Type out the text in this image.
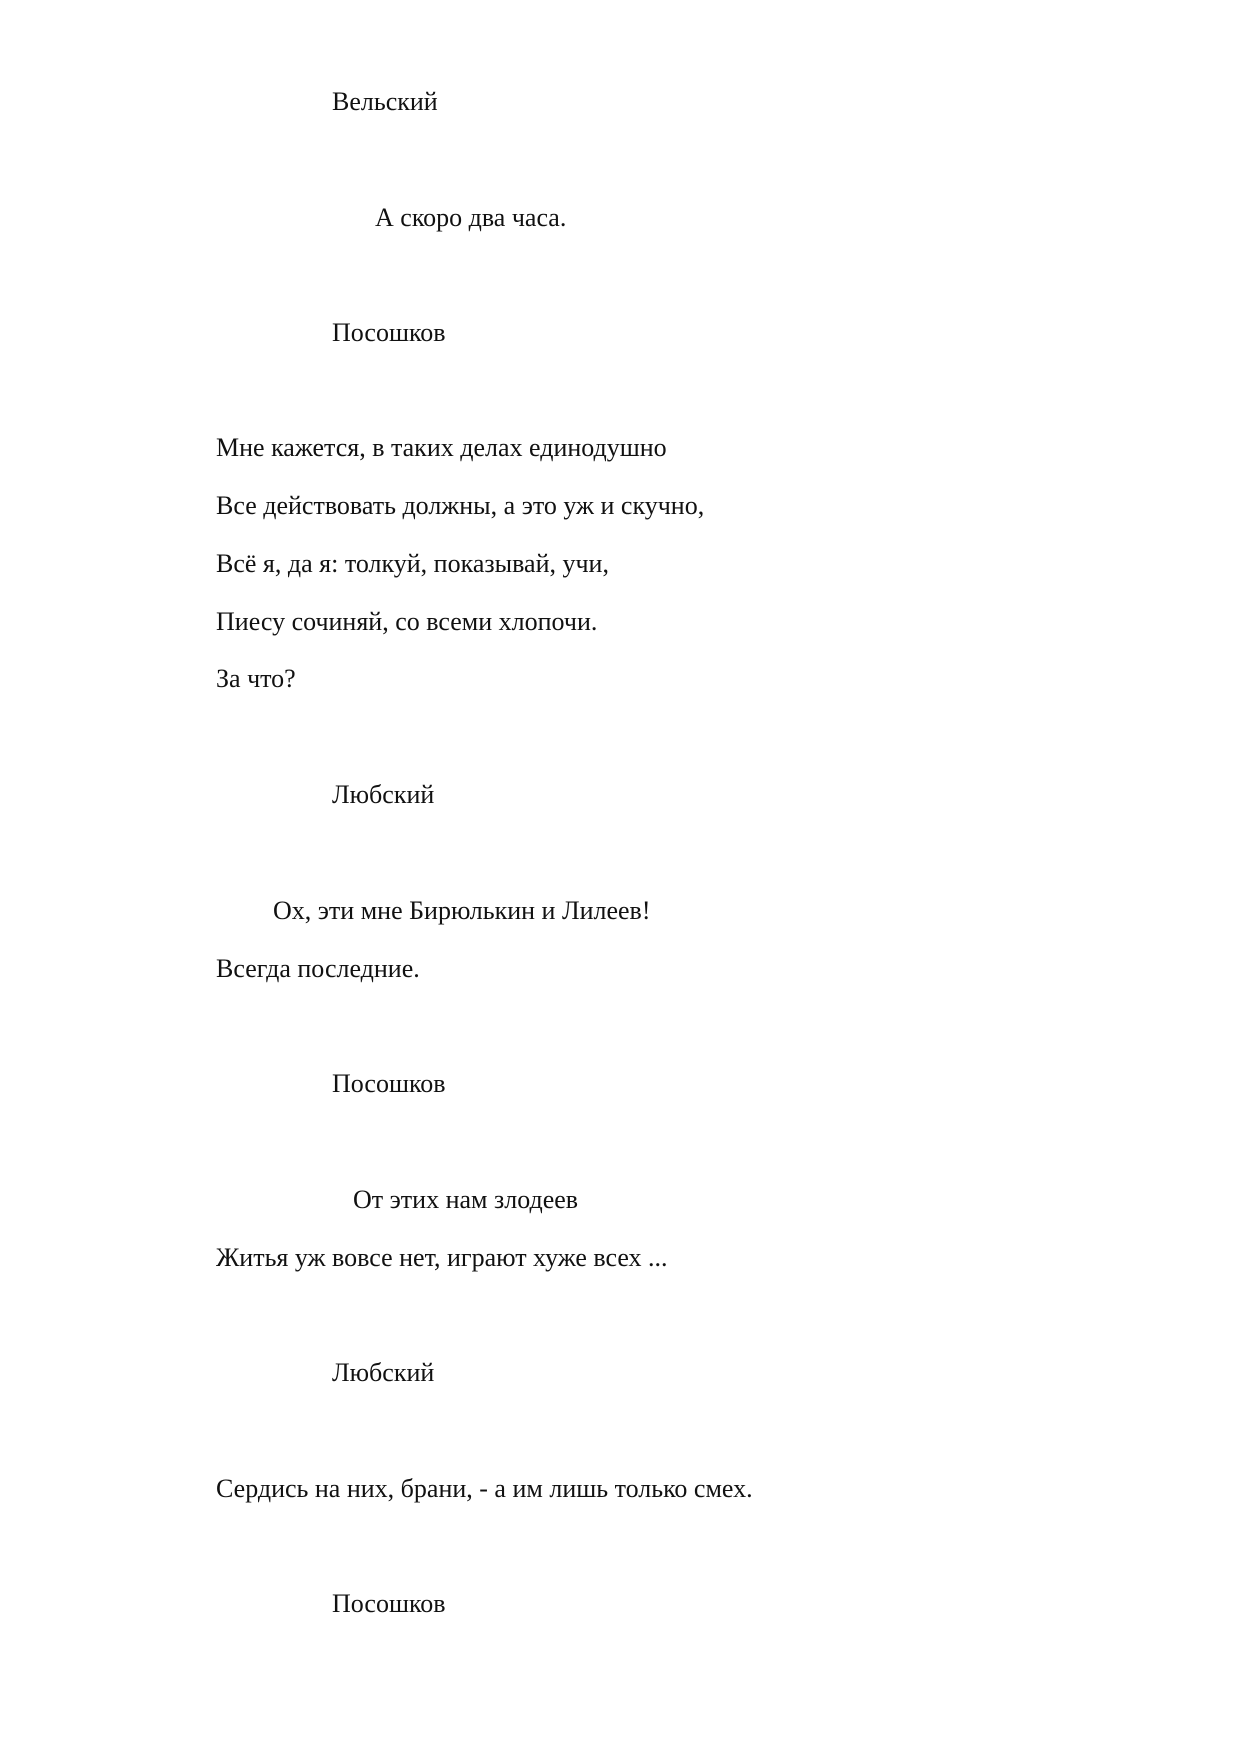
Вельский

А скоро два часа.

Посошков

Мне кажется, в таких делах единодушно

Все действовать должны, а это уж и скучно,

Всё я, да я: толкуй, показывай, учи,

Пиесу сочиняй, со всеми хлопочи.

За что?

Любский

Ох, эти мне Бирюлькин и Лилеев!

Всегда последние.

Посошков

От этих нам злодеев

Житья уж вовсе нет, играют хуже всех ...

Любский

Сердись на них, брани, - а им лишь только смех.

Посошков
